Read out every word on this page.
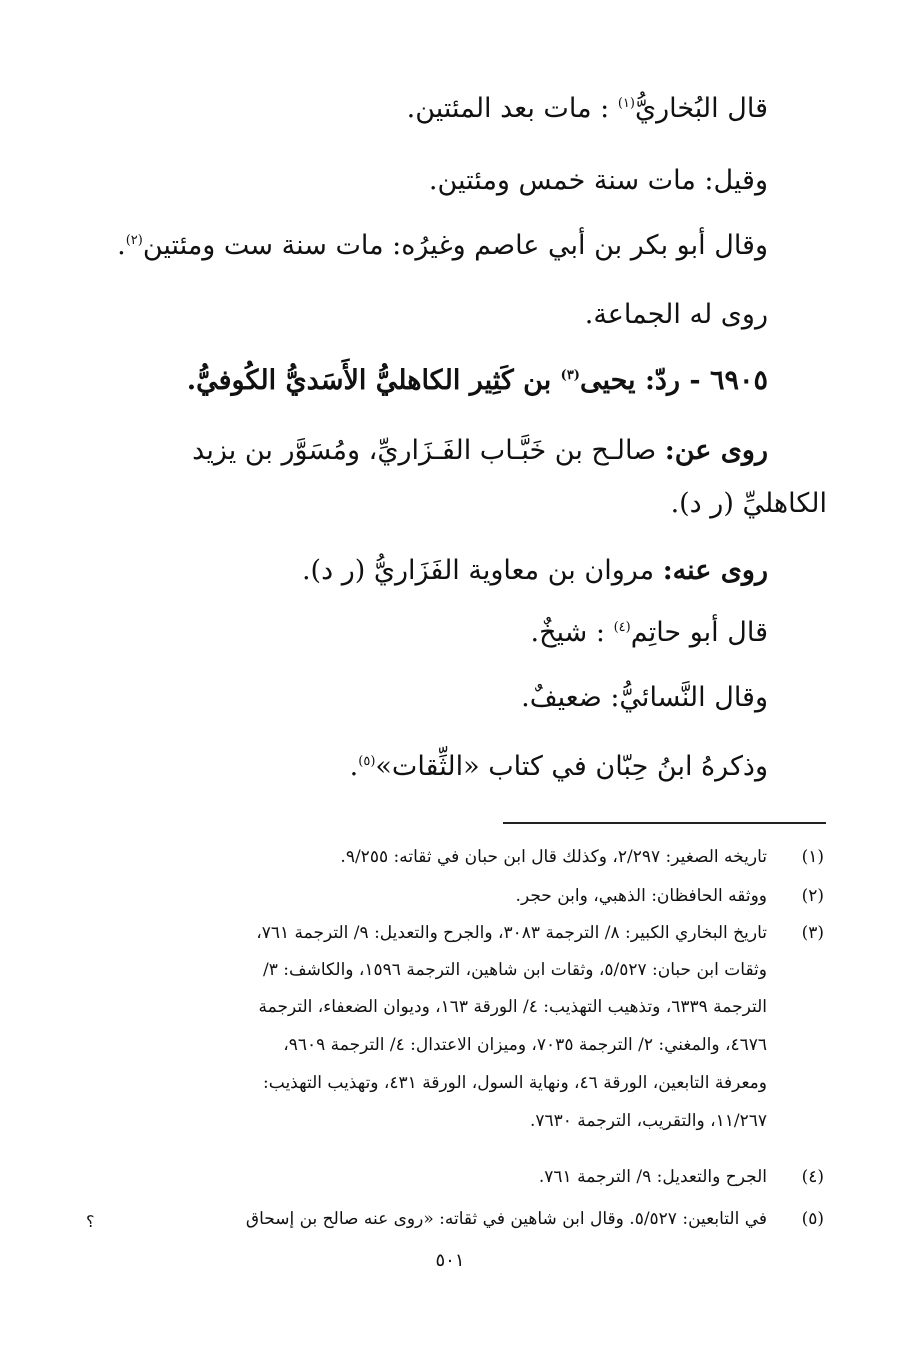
قال البُخاريُّ$^{(١)}$ : مات بعد المئتين.
وقيل: مات سنة خمس ومئتين.
وقال أبو بكر بن أبي عاصم وغيرُه: مات سنة ست ومئتين$^{(٢)}$.
روى له الجماعة.
٦٩٠٥ - ردّ: يحيى$^{(٣)}$ بن كَثِير الكاهليُّ الأَسَديُّ الكُوفيُّ.
روى عن: صالـح بن خَبَّـاب الفَـزَاريِّ، ومُسَوَّر بن يزيد
الكاهليِّ (ر د).
روى عنه: مروان بن معاوية الفَزَاريُّ (ر د).
قال أبو حاتِم$^{(٤)}$ : شيخٌ.
وقال النَّسائيُّ: ضعيفٌ.
وذكرهُ ابنُ حِبّان في كتاب «الثِّقات»$^{(٥)}$.
(١)
تاريخه الصغير: ٢/٢٩٧، وكذلك قال ابن حبان في ثقاته: ٩/٢٥٥.
(٢)
ووثقه الحافظان: الذهبي، وابن حجر.
(٣)
تاريخ البخاري الكبير: ٨/ الترجمة ٣٠٨٣، والجرح والتعديل: ٩/ الترجمة ٧٦١،
وثقات ابن حبان: ٥/٥٢٧، وثقات ابن شاهين، الترجمة ١٥٩٦، والكاشف: ٣/
الترجمة ٦٣٣٩، وتذهيب التهذيب: ٤/ الورقة ١٦٣، وديوان الضعفاء، الترجمة
٤٦٧٦، والمغني: ٢/ الترجمة ٧٠٣٥، وميزان الاعتدال: ٤/ الترجمة ٩٦٠٩،
ومعرفة التابعين، الورقة ٤٦، ونهاية السول، الورقة ٤٣١، وتهذيب التهذيب:
١١/٢٦٧، والتقريب، الترجمة ٧٦٣٠.
(٤)
الجرح والتعديل: ٩/ الترجمة ٧٦١.
(٥)
في التابعين: ٥/٥٢٧. وقال ابن شاهين في ثقاته: «روى عنه صالح بن إسحاق
؟
٥٠١
